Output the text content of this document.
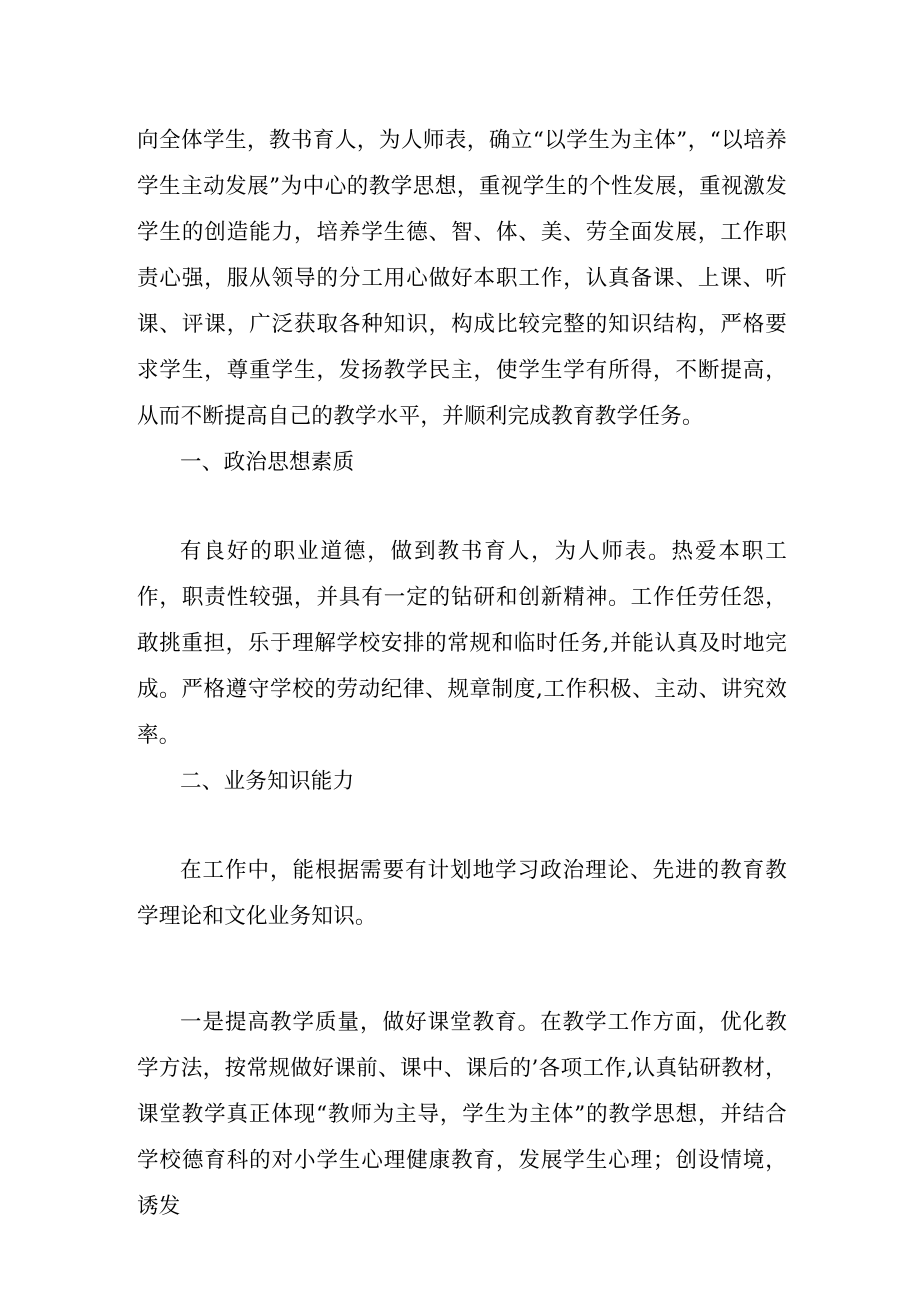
向全体学生，教书育人，为人师表，确立“以学生为主体”，“以培养学生主动发展”为中心的教学思想，重视学生的个性发展，重视激发学生的创造能力，培养学生德、智、体、美、劳全面发展，工作职责心强，服从领导的分工用心做好本职工作，认真备课、上课、听课、评课，广泛获取各种知识，构成比较完整的知识结构，严格要求学生，尊重学生，发扬教学民主，使学生学有所得，不断提高，从而不断提高自己的教学水平，并顺利完成教育教学任务。

一、政治思想素质

有良好的职业道德，做到教书育人，为人师表。热爱本职工作，职责性较强，并具有一定的钻研和创新精神。工作任劳任怨，敢挑重担，乐于理解学校安排的常规和临时任务,并能认真及时地完成。严格遵守学校的劳动纪律、规章制度,工作积极、主动、讲究效率。

二、业务知识能力

在工作中，能根据需要有计划地学习政治理论、先进的教育教学理论和文化业务知识。

一是提高教学质量，做好课堂教育。在教学工作方面，优化教学方法，按常规做好课前、课中、课后的’各项工作,认真钻研教材，课堂教学真正体现“教师为主导，学生为主体”的教学思想，并结合学校德育科的对小学生心理健康教育，发展学生心理；创设情境，诱发
